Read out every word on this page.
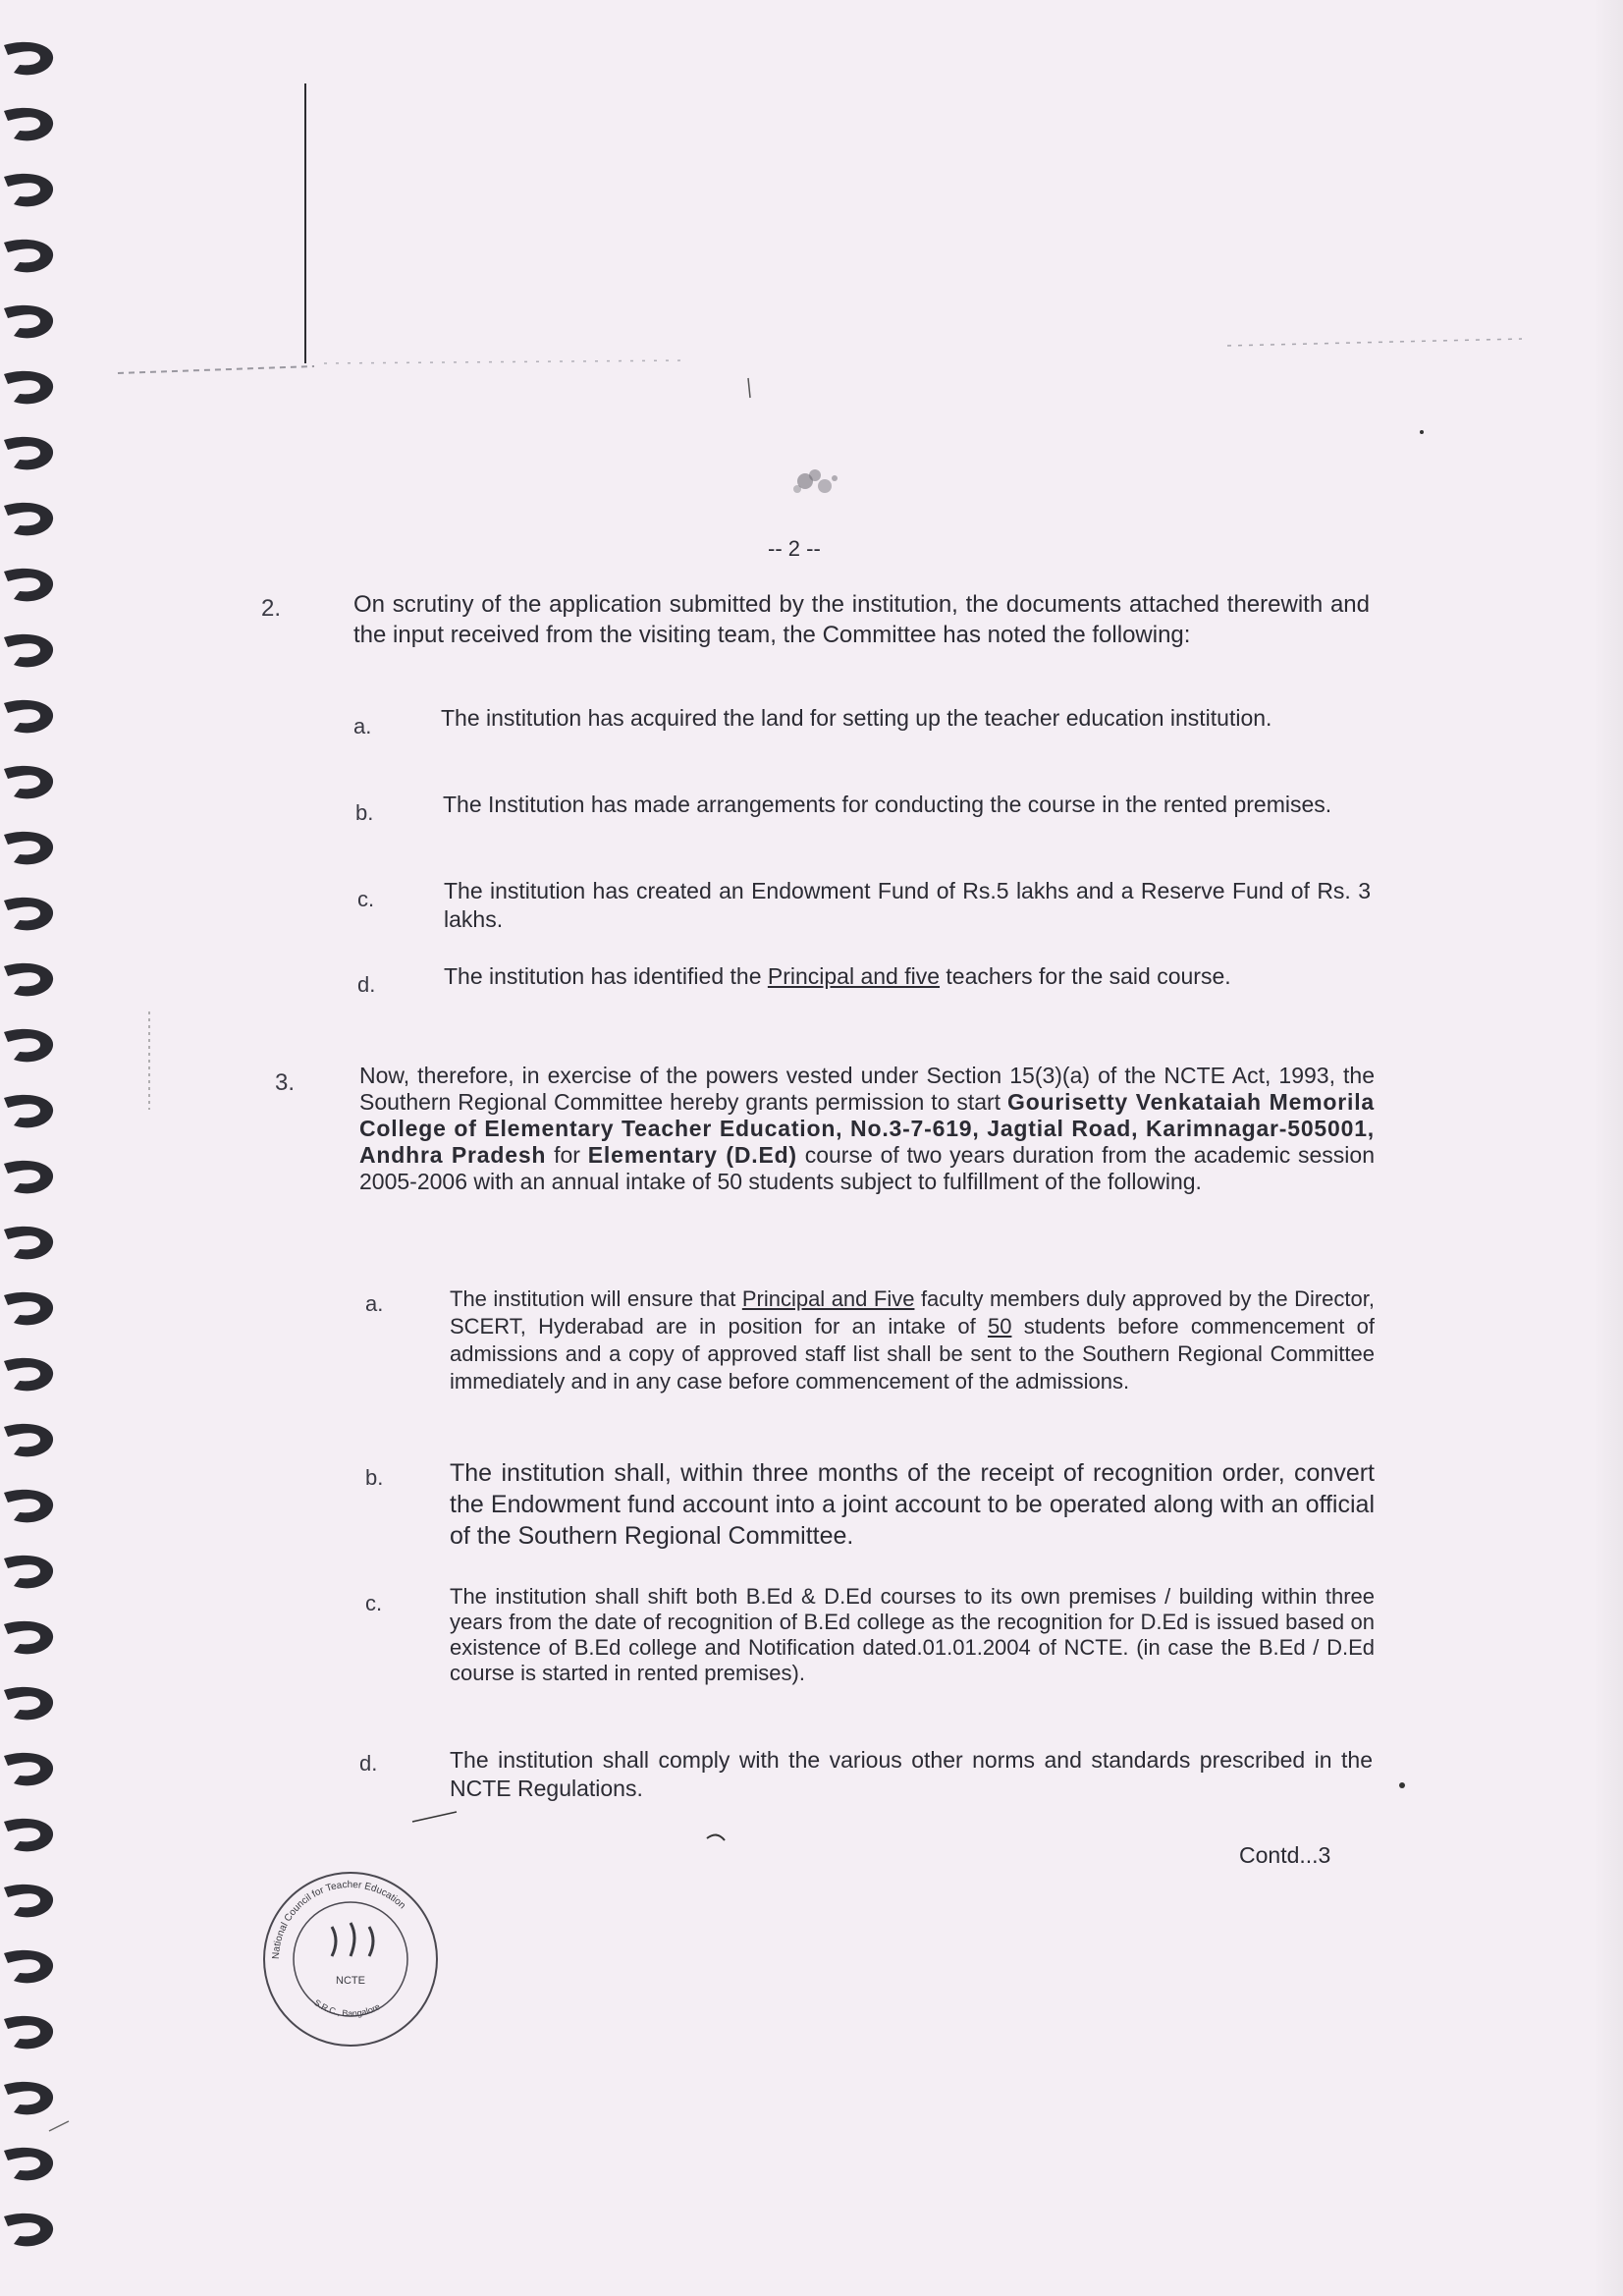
-- 2 --
2.	On scrutiny of the application submitted by the institution, the documents attached therewith and the input received from the visiting team, the Committee has noted the following:
a.	The institution has acquired the land for setting up the teacher education institution.
b.	The Institution has made arrangements for conducting the course in the rented premises.
c.	The institution has created an Endowment Fund of Rs.5 lakhs and a Reserve Fund of Rs. 3 lakhs.
d.	The institution has identified the Principal and five teachers for the said course.
3.	Now, therefore, in exercise of the powers vested under Section 15(3)(a) of the NCTE Act, 1993, the Southern Regional Committee hereby grants permission to start Gourisetty Venkataiah Memorila College of Elementary Teacher Education, No.3-7-619, Jagtial Road, Karimnagar-505001, Andhra Pradesh for Elementary (D.Ed) course of two years duration from the academic session 2005-2006 with an annual intake of 50 students subject to fulfillment of the following.
a.	The institution will ensure that Principal and Five faculty members duly approved by the Director, SCERT, Hyderabad are in position for an intake of 50 students before commencement of admissions and a copy of approved staff list shall be sent to the Southern Regional Committee immediately and in any case before commencement of the admissions.
b.	The institution shall, within three months of the receipt of recognition order, convert the Endowment fund account into a joint account to be operated along with an official of the Southern Regional Committee.
c.	The institution shall shift both B.Ed & D.Ed courses to its own premises / building within three years from the date of recognition of B.Ed college as the recognition for D.Ed is issued based on existence of B.Ed college and Notification dated.01.01.2004 of NCTE. (in case the B.Ed / D.Ed course is started in rented premises).
d.	The institution shall comply with the various other norms and standards prescribed in the NCTE Regulations.
Contd...3
National Council for Teacher Education
NCTE
S.R.C., Bangalore
